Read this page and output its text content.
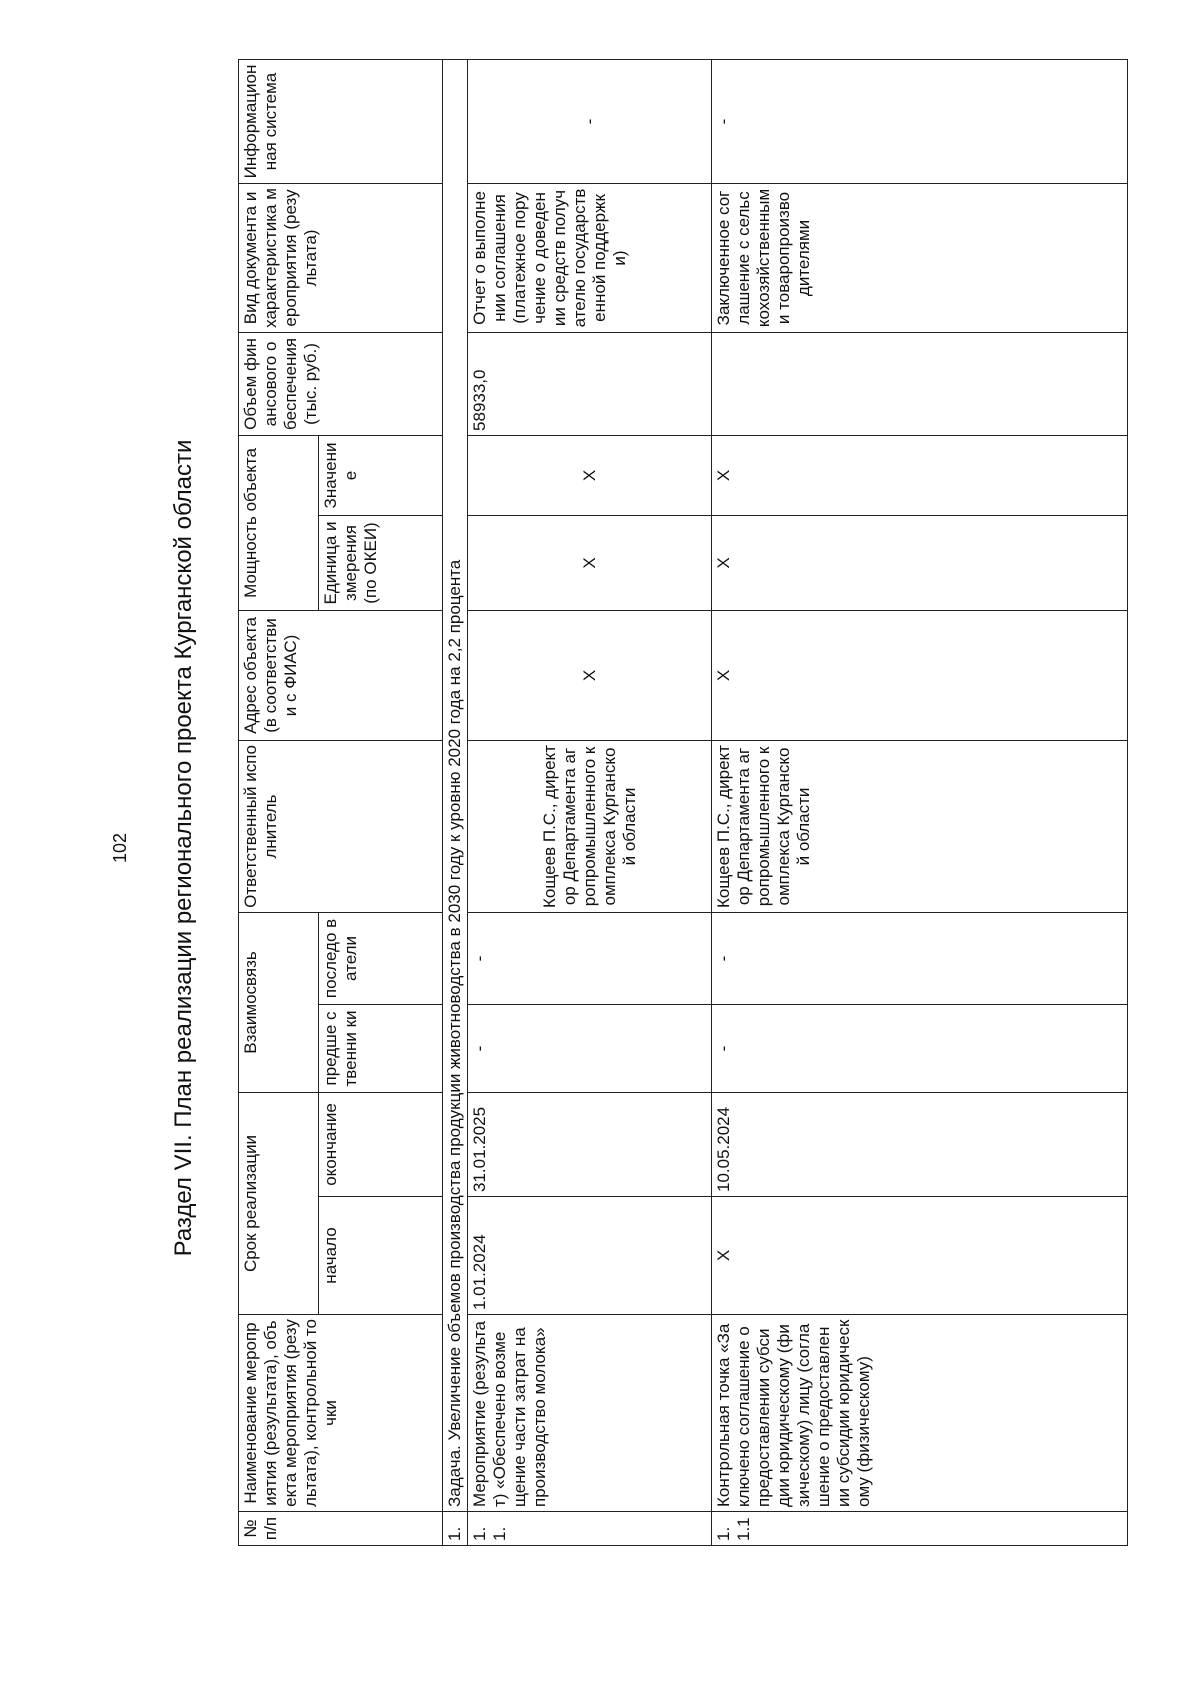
102 Раздел VII. План реализации регионального проекта Курганской области
№ п/п	Наименование мероприятия (результата), объекта мероприятия (результата), контрольной точки	Срок реализации		Взаимосвязь		Ответственный исполнитель	Адрес объекта (в соответствии с ФИАС)	Мощность объекта		Объем финансового обеспечения (тыс. руб.)	Вид документа и характеристика мероприятия (результата)	Информационная система
		начало	окончание	предше ственни ки	последо ватели			Единица измерения (по ОКЕИ)	Значение			
1.	Задача. Увеличение объемов производства продукции животноводства в 2030 году к уровню 2020 года на 2,2 процента											
1.1.	Мероприятие (результат) «Обеспечено возмещение части затрат на производство молока»	1.01.2024	31.01.2025	-	-	Кощеев П.С., директор Департамента агропромышленного комплекса Курганской области	X	X	X	58933,0	Отчет о выполнении соглашения (платежное поручение о доведении средств получателю государственной поддержки)	-
1.1.1	Контрольная точка «Заключено соглашение о предоставлении субсидии юридическому (физическому) лицу (соглашение о предоставлении субсидии юридическому (физическому)	X	10.05.2024	-	-	Кощеев П.С., директор Департамента агропромышленного комплекса Курганской области	X	X	X		Заключенное соглашение с сельскохозяйственными товаропроизводителями	-
